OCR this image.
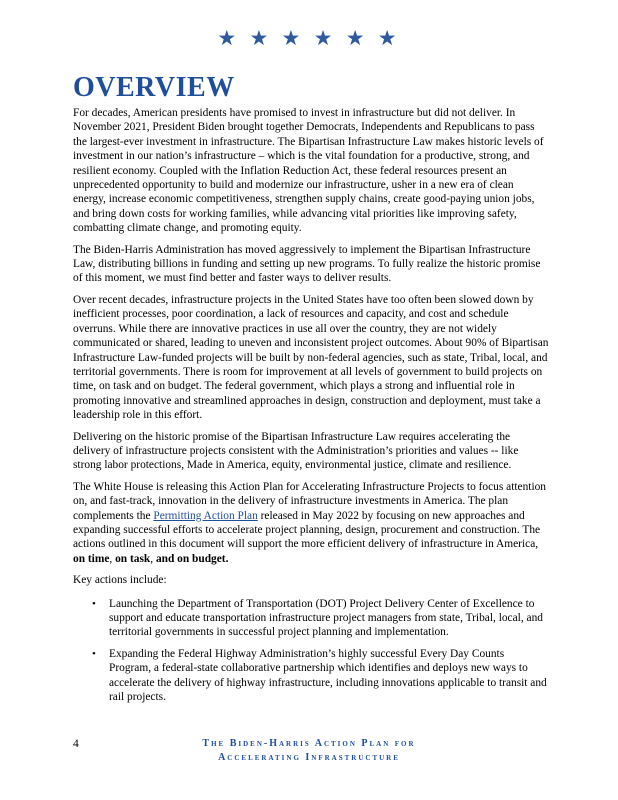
★ ★ ★ ★ ★ ★
OVERVIEW

For decades, American presidents have promised to invest in infrastructure but did not deliver. In November 2021, President Biden brought together Democrats, Independents and Republicans to pass the largest-ever investment in infrastructure. The Bipartisan Infrastructure Law makes historic levels of investment in our nation’s infrastructure – which is the vital foundation for a productive, strong, and resilient economy. Coupled with the Inflation Reduction Act, these federal resources present an unprecedented opportunity to build and modernize our infrastructure, usher in a new era of clean energy, increase economic competitiveness, strengthen supply chains, create good-paying union jobs, and bring down costs for working families, while advancing vital priorities like improving safety, combatting climate change, and promoting equity.

The Biden-Harris Administration has moved aggressively to implement the Bipartisan Infrastructure Law, distributing billions in funding and setting up new programs. To fully realize the historic promise of this moment, we must find better and faster ways to deliver results.

Over recent decades, infrastructure projects in the United States have too often been slowed down by inefficient processes, poor coordination, a lack of resources and capacity, and cost and schedule overruns. While there are innovative practices in use all over the country, they are not widely communicated or shared, leading to uneven and inconsistent project outcomes. About 90% of Bipartisan Infrastructure Law-funded projects will be built by non-federal agencies, such as state, Tribal, local, and territorial governments. There is room for improvement at all levels of government to build projects on time, on task and on budget. The federal government, which plays a strong and influential role in promoting innovative and streamlined approaches in design, construction and deployment, must take a leadership role in this effort.

Delivering on the historic promise of the Bipartisan Infrastructure Law requires accelerating the delivery of infrastructure projects consistent with the Administration’s priorities and values -- like strong labor protections, Made in America, equity, environmental justice, climate and resilience.

The White House is releasing this Action Plan for Accelerating Infrastructure Projects to focus attention on, and fast-track, innovation in the delivery of infrastructure investments in America. The plan complements the Permitting Action Plan released in May 2022 by focusing on new approaches and expanding successful efforts to accelerate project planning, design, procurement and construction. The actions outlined in this document will support the more efficient delivery of infrastructure in America, on time, on task, and on budget.

Key actions include:

• Launching the Department of Transportation (DOT) Project Delivery Center of Excellence to support and educate transportation infrastructure project managers from state, Tribal, local, and territorial governments in successful project planning and implementation.
• Expanding the Federal Highway Administration’s highly successful Every Day Counts Program, a federal-state collaborative partnership which identifies and deploys new ways to accelerate the delivery of highway infrastructure, including innovations applicable to transit and rail projects.
4	The Biden-Harris Action Plan for
Accelerating Infrastructure
